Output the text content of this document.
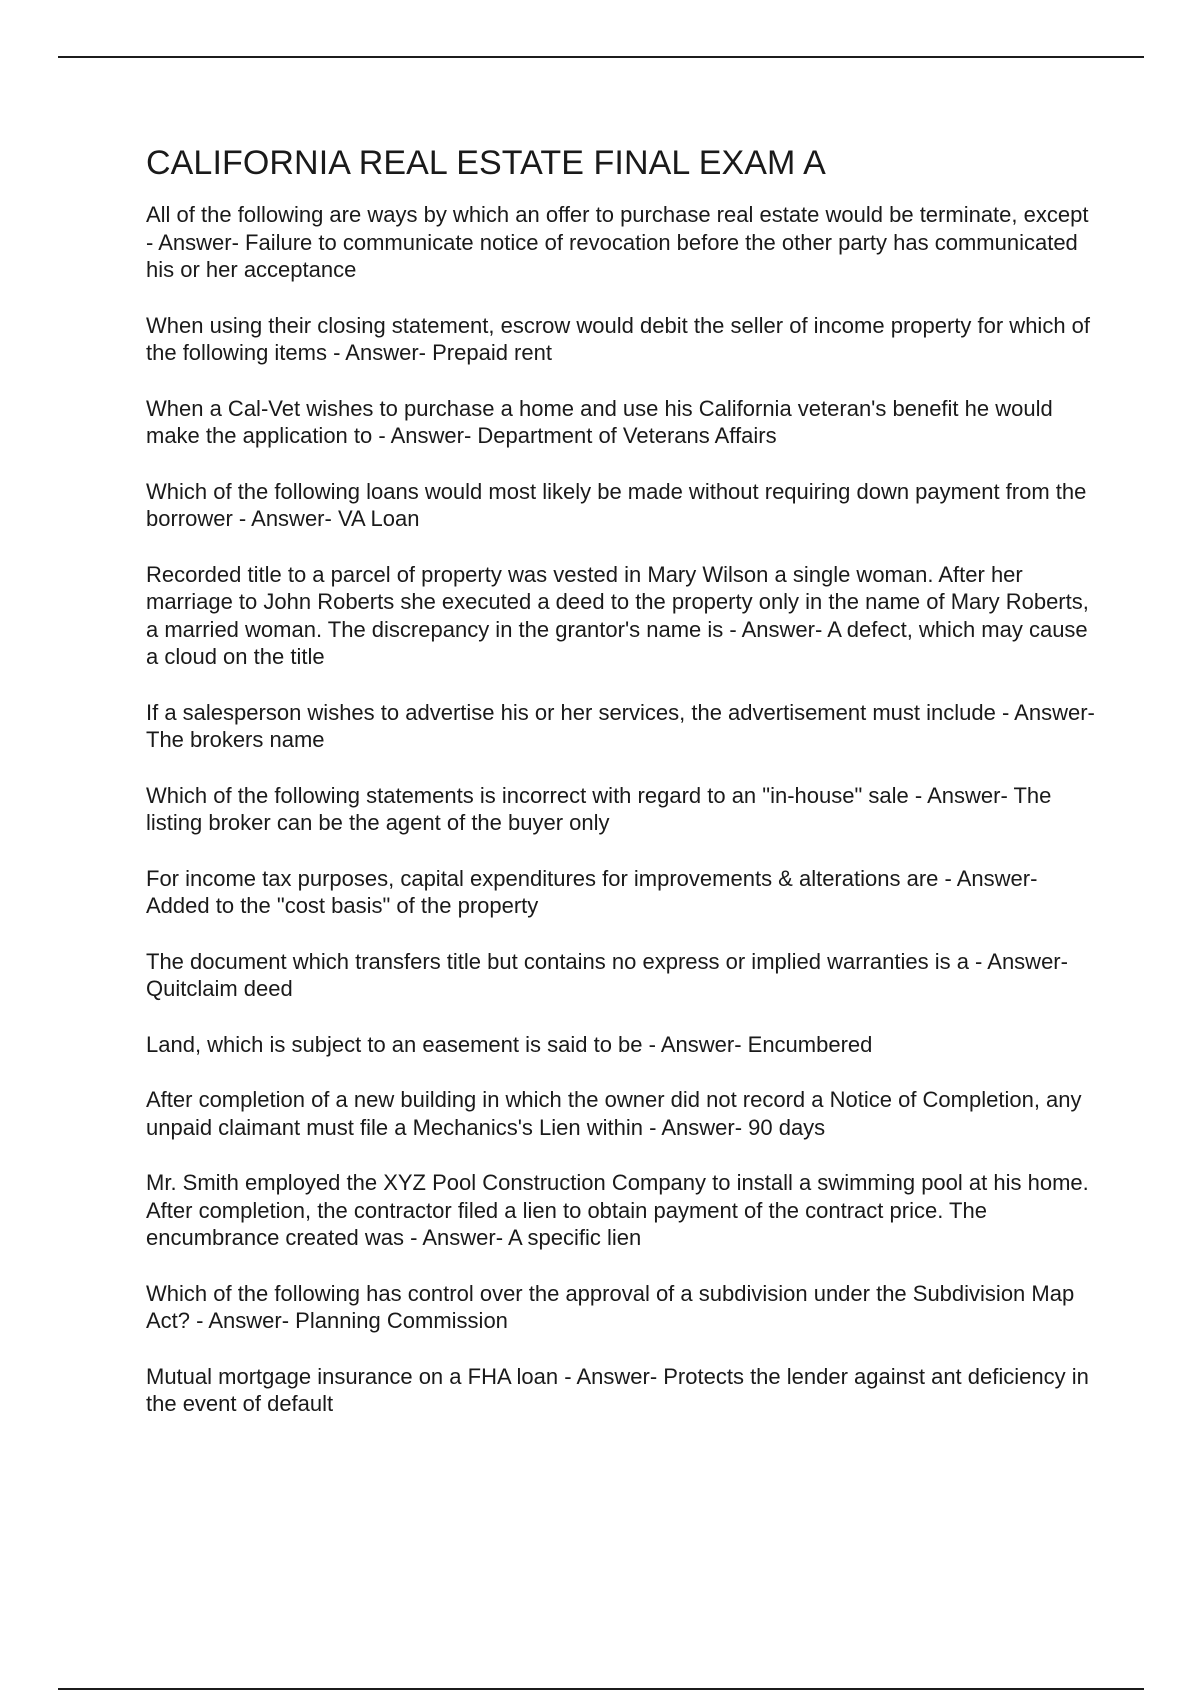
CALIFORNIA REAL ESTATE FINAL EXAM A

All of the following are ways by which an offer to purchase real estate would be terminate, except - Answer- Failure to communicate notice of revocation before the other party has communicated his or her acceptance

When using their closing statement, escrow would debit the seller of income property for which of the following items - Answer- Prepaid rent

When a Cal-Vet wishes to purchase a home and use his California veteran's benefit he would make the application to - Answer- Department of Veterans Affairs

Which of the following loans would most likely be made without requiring down payment from the borrower - Answer- VA Loan

Recorded title to a parcel of property was vested in Mary Wilson a single woman. After her marriage to John Roberts she executed a deed to the property only in the name of Mary Roberts, a married woman. The discrepancy in the grantor's name is - Answer- A defect, which may cause a cloud on the title

If a salesperson wishes to advertise his or her services, the advertisement must include - Answer- The brokers name

Which of the following statements is incorrect with regard to an "in-house" sale - Answer- The listing broker can be the agent of the buyer only

For income tax purposes, capital expenditures for improvements & alterations are - Answer- Added to the "cost basis" of the property

The document which transfers title but contains no express or implied warranties is a - Answer- Quitclaim deed

Land, which is subject to an easement is said to be - Answer- Encumbered

After completion of a new building in which the owner did not record a Notice of Completion, any unpaid claimant must file a Mechanics's Lien within - Answer- 90 days

Mr. Smith employed the XYZ Pool Construction Company to install a swimming pool at his home. After completion, the contractor filed a lien to obtain payment of the contract price. The encumbrance created was - Answer- A specific lien

Which of the following has control over the approval of a subdivision under the Subdivision Map Act? - Answer- Planning Commission

Mutual mortgage insurance on a FHA loan - Answer- Protects the lender against ant deficiency in the event of default
